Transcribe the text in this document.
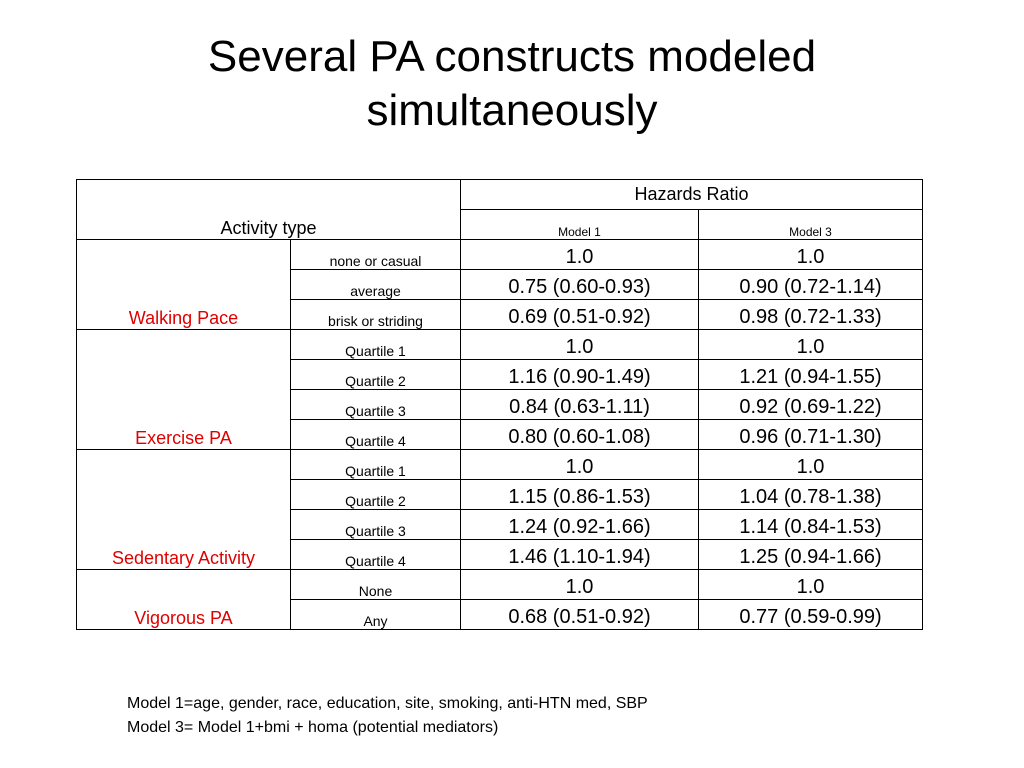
Several PA constructs modeled
simultaneously
Activity type		Hazards Ratio	
		Model 1	Model 3
Walking Pace	none or casual	1.0	1.0
	average	0.75 (0.60-0.93)	0.90 (0.72-1.14)
	brisk or striding	0.69 (0.51-0.92)	0.98 (0.72-1.33)
Exercise PA	Quartile 1	1.0	1.0
	Quartile 2	1.16 (0.90-1.49)	1.21 (0.94-1.55)
	Quartile 3	0.84 (0.63-1.11)	0.92 (0.69-1.22)
	Quartile 4	0.80 (0.60-1.08)	0.96 (0.71-1.30)
Sedentary Activity	Quartile 1	1.0	1.0
	Quartile 2	1.15 (0.86-1.53)	1.04 (0.78-1.38)
	Quartile 3	1.24 (0.92-1.66)	1.14 (0.84-1.53)
	Quartile 4	1.46 (1.10-1.94)	1.25 (0.94-1.66)
Vigorous PA	None	1.0	1.0
	Any	0.68 (0.51-0.92)	0.77 (0.59-0.99)
Model 1=age, gender, race, education, site, smoking, anti-HTN med, SBP
Model 3= Model 1+bmi + homa (potential mediators)
